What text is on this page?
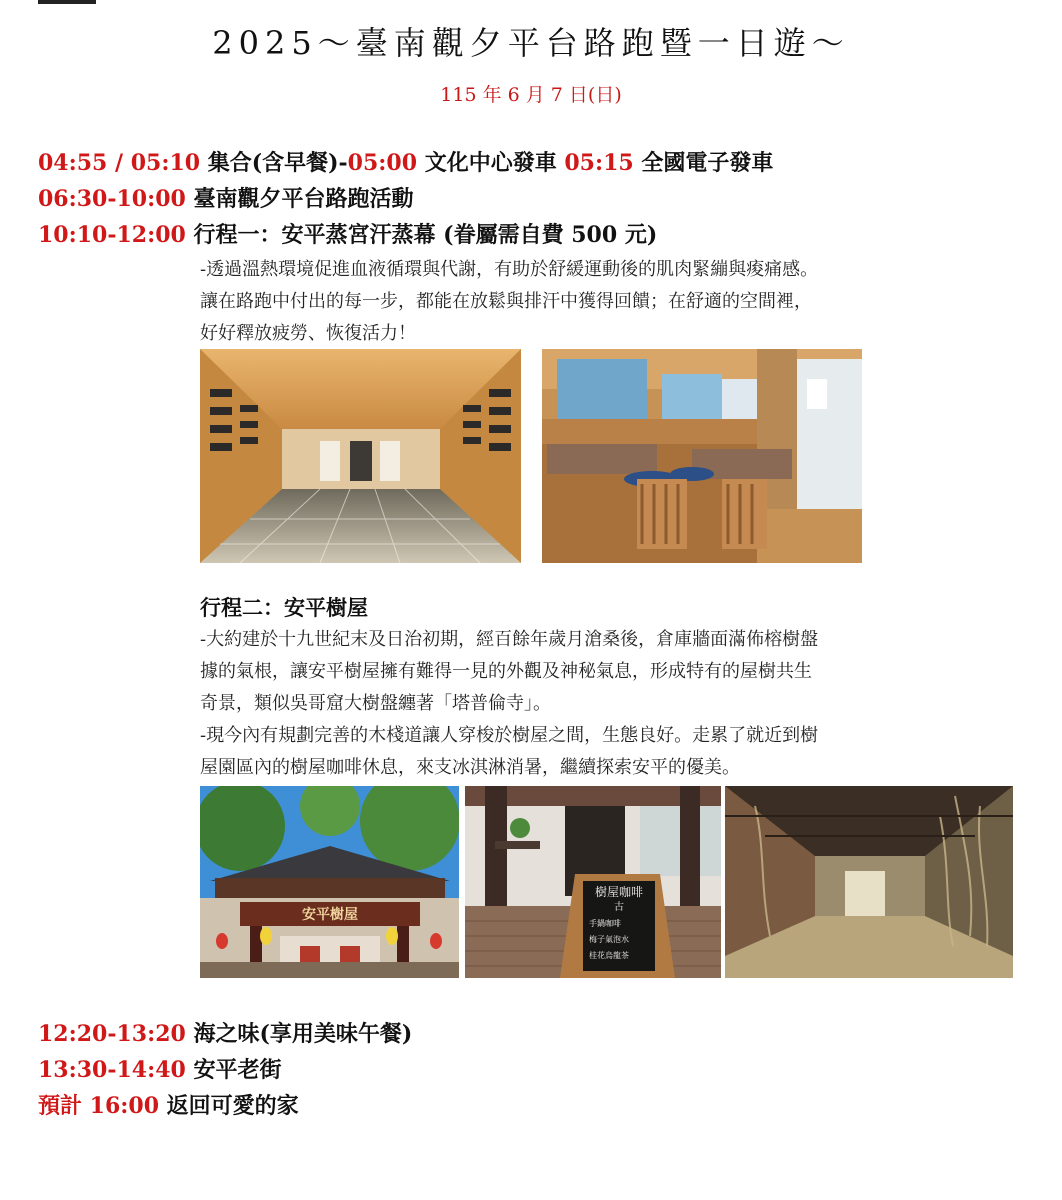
2025～臺南觀夕平台路跑暨一日遊～
115 年 6 月 7 日(日)
04:55 / 05:10 集合(含早餐)-05:00 文化中心發車 05:15 全國電子發車
06:30-10:00 臺南觀夕平台路跑活動
10:10-12:00 行程一：安平蒸宮汗蒸幕 (眷屬需自費 500 元)
-透過溫熱環境促進血液循環與代謝，有助於舒緩運動後的肌肉緊繃與痠痛感。
讓在路跑中付出的每一步，都能在放鬆與排汗中獲得回饋；在舒適的空間裡，
好好釋放疲勞、恢復活力！
行程二：安平樹屋
-大約建於十九世紀末及日治初期，經百餘年歲月滄桑後，倉庫牆面滿佈榕樹盤
據的氣根，讓安平樹屋擁有難得一見的外觀及神秘氣息，形成特有的屋樹共生
奇景，類似吳哥窟大樹盤纏著「塔普倫寺」。
-現今內有規劃完善的木棧道讓人穿梭於樹屋之間，生態良好。走累了就近到樹
屋園區內的樹屋咖啡休息，來支冰淇淋消暑，繼續探索安平的優美。
安平樹屋
樹屋咖啡
古
手鍋咖啡
梅子氣泡水
桂花烏龍茶
12:20-13:20 海之味(享用美味午餐)
13:30-14:40 安平老街
預計 16:00 返回可愛的家
